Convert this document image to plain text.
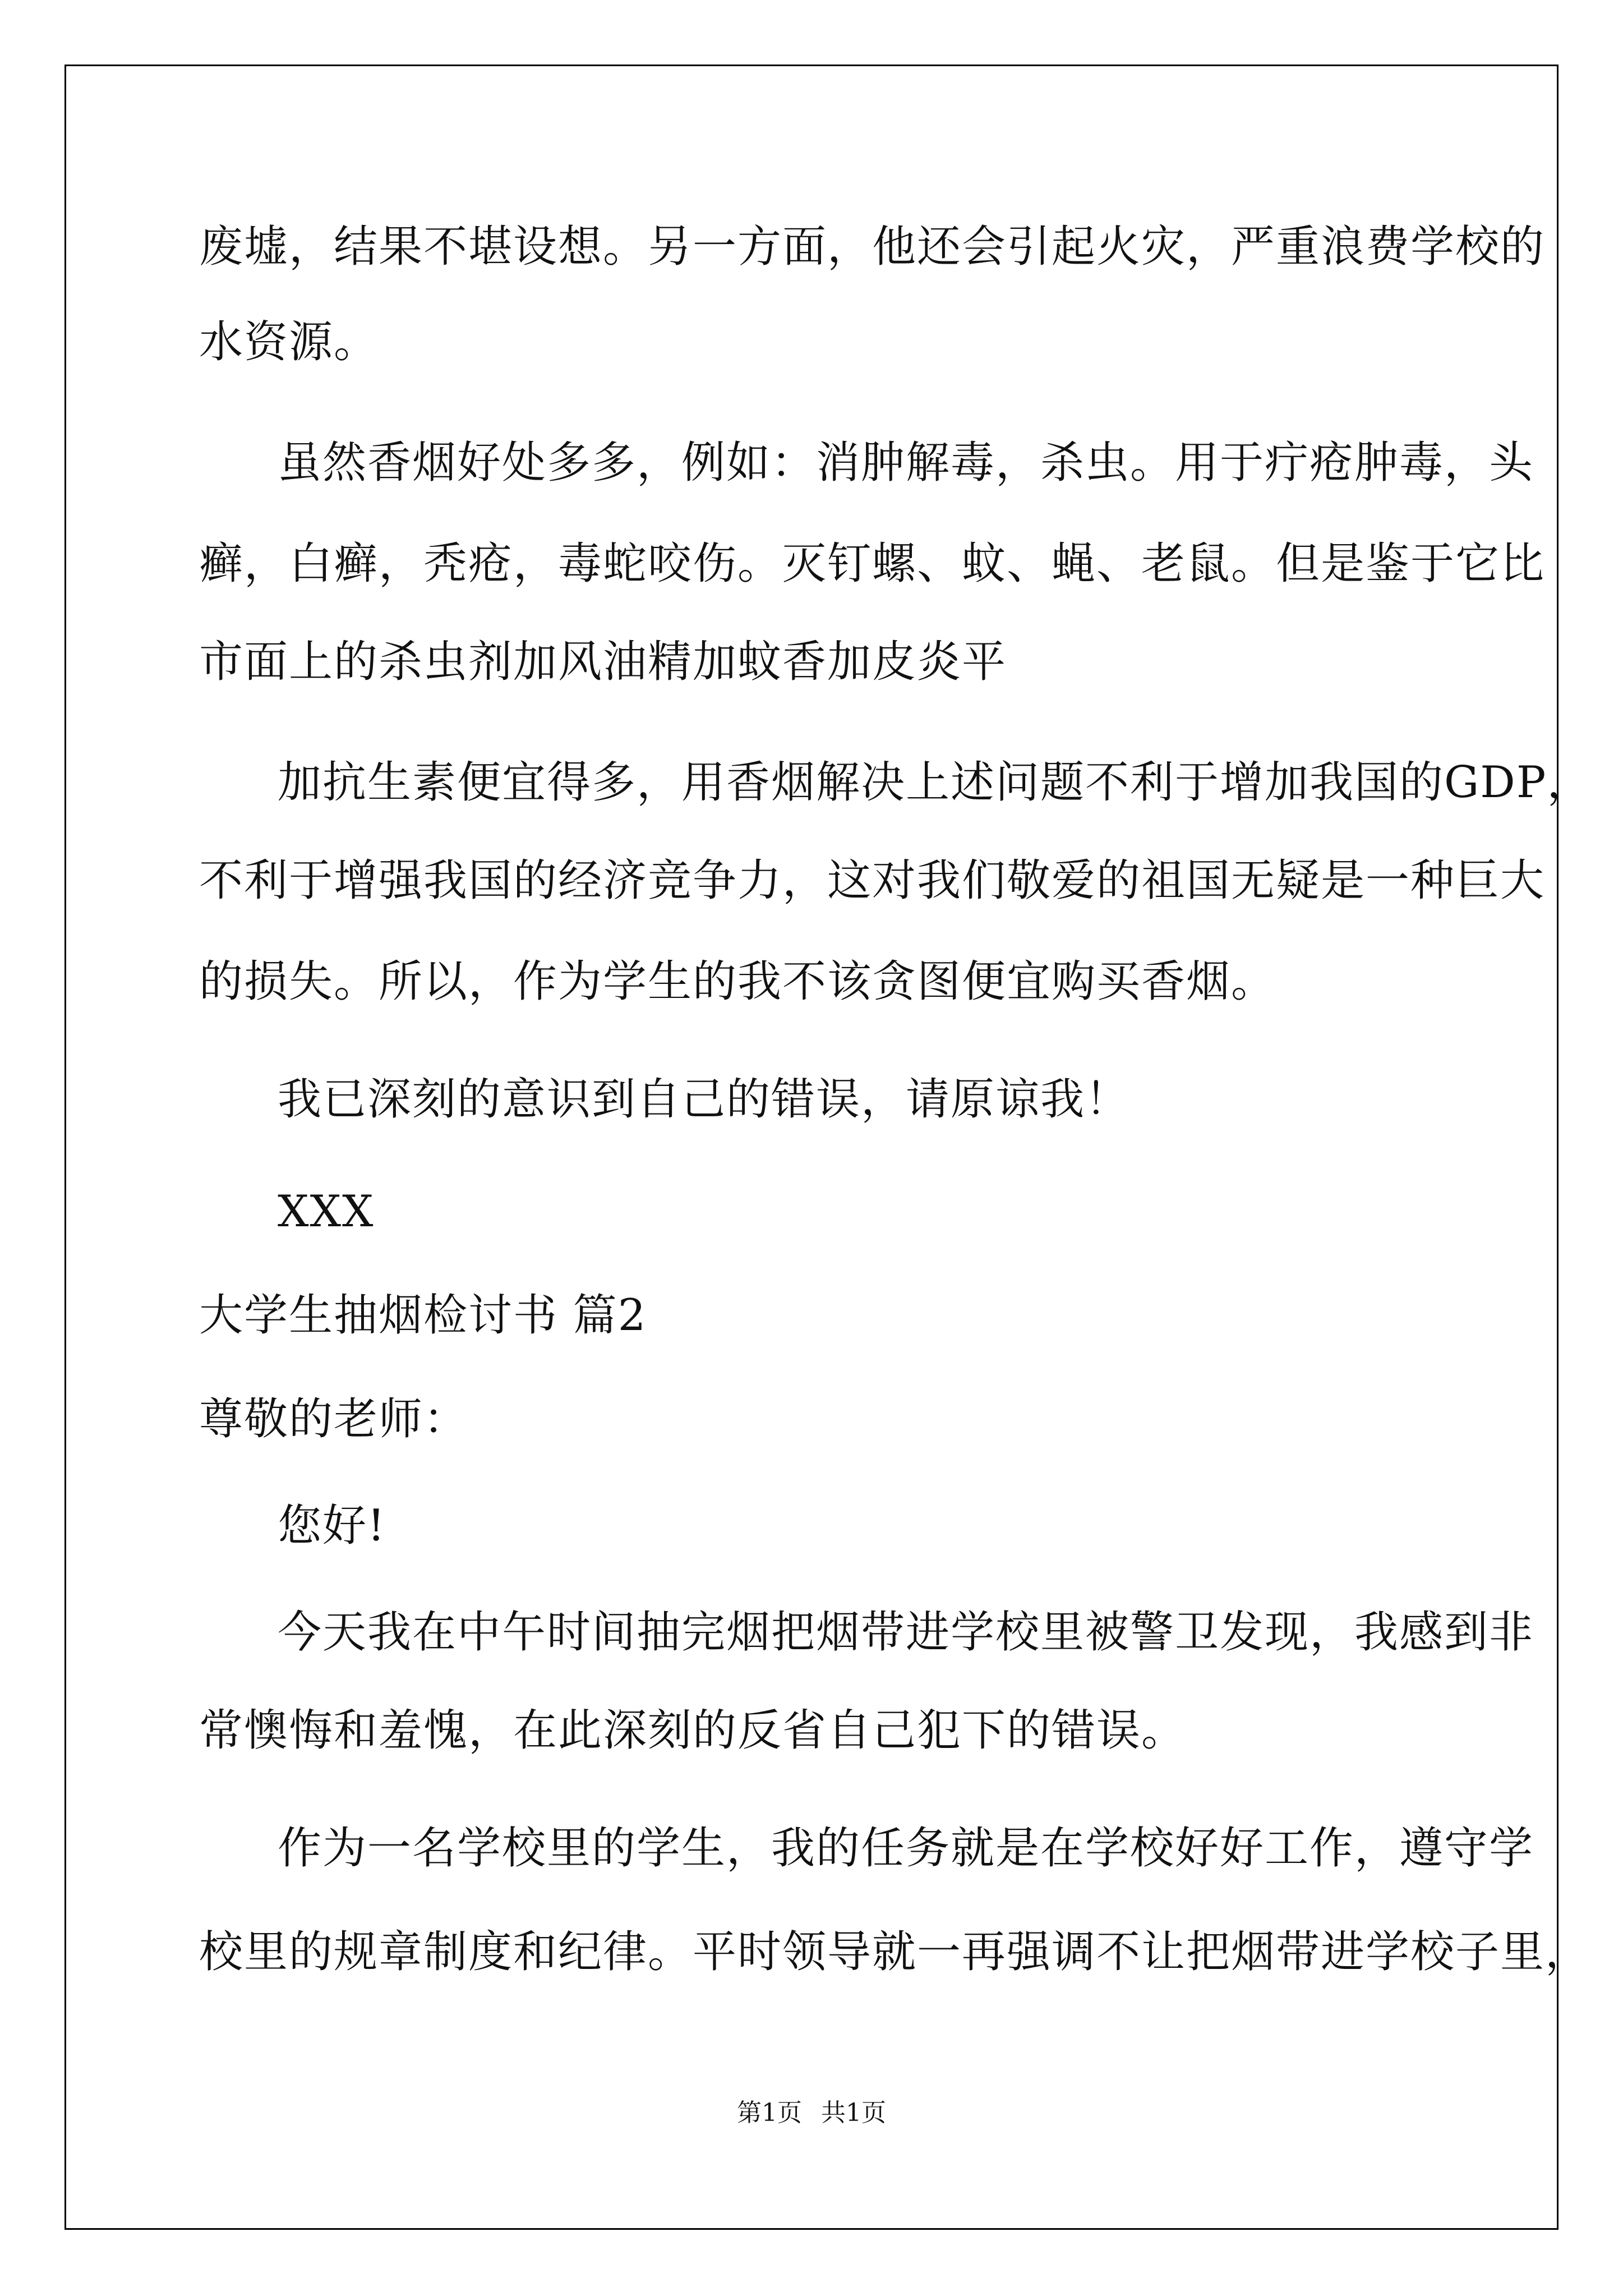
废墟，结果不堪设想。另一方面，他还会引起火灾，严重浪费学校的

水资源。

虽然香烟好处多多，例如：消肿解毒，杀虫。用于疔疮肿毒，头

癣，白癣，秃疮，毒蛇咬伤。灭钉螺、蚊、蝇、老鼠。但是鉴于它比

市面上的杀虫剂加风油精加蚊香加皮炎平

加抗生素便宜得多，用香烟解决上述问题不利于增加我国的GDP，

不利于增强我国的经济竞争力，这对我们敬爱的祖国无疑是一种巨大

的损失。所以，作为学生的我不该贪图便宜购买香烟。

我已深刻的意识到自己的错误，请原谅我！

XXX

大学生抽烟检讨书 篇2

尊敬的老师：

您好!

今天我在中午时间抽完烟把烟带进学校里被警卫发现，我感到非

常懊悔和羞愧，在此深刻的反省自己犯下的错误。

作为一名学校里的学生，我的任务就是在学校好好工作，遵守学

校里的规章制度和纪律。平时领导就一再强调不让把烟带进学校子里，

第1页 共1页
